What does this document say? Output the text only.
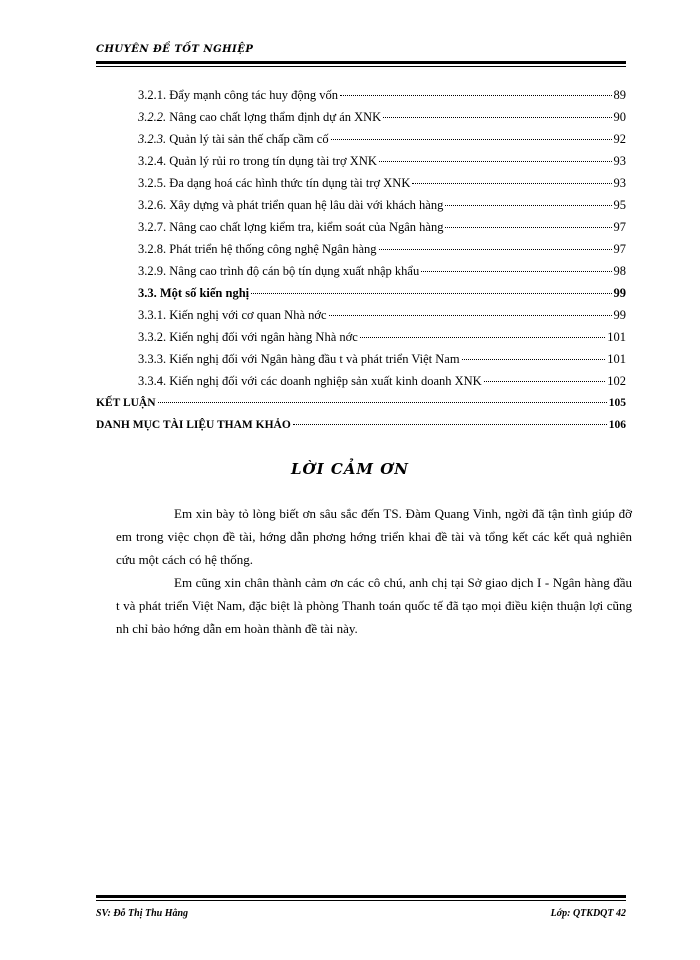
CHUYÊN ĐỀ TỐT NGHIỆP
3.2.1. Đẩy mạnh công tác huy động vốn	89
3.2.2. Nâng cao chất lợng thẩm định dự án XNK	90
3.2.3. Quản lý tài sản thế chấp cầm cố	92
3.2.4. Quản lý rủi ro trong tín dụng tài trợ XNK	93
3.2.5. Đa dạng hoá các hình thức tín dụng tài trợ XNK	93
3.2.6. Xây dựng và phát triển quan hệ lâu dài với khách hàng	95
3.2.7. Nâng cao chất lợng kiểm tra, kiểm soát của Ngân hàng	97
3.2.8. Phát triển hệ thống công nghệ Ngân hàng	97
3.2.9. Nâng cao trình độ cán bộ tín dụng xuất nhập khẩu	98
3.3. Một số kiến nghị	99
3.3.1. Kiến nghị với cơ quan Nhà nớc	99
3.3.2. Kiến nghị đối với ngân hàng Nhà nớc	101
3.3.3. Kiến nghị đối với Ngân hàng đầu t và phát triển Việt Nam	101
3.3.4. Kiến nghị đối với các doanh nghiệp sản xuất kinh doanh XNK	102
KẾT LUẬN	105
DANH MỤC TÀI LIỆU THAM KHẢO	106
LỜI CẢM ƠN

Em xin bày tỏ lòng biết ơn sâu sắc đến TS. Đàm Quang Vinh, ngời đã tận tình giúp đỡ em trong việc chọn đề tài, hớng dẫn phơng hớng triển khai đề tài và tổng kết các kết quả nghiên cứu một cách có hệ thống.

Em cũng xin chân thành cảm ơn các cô chú, anh chị tại Sở giao dịch I - Ngân hàng đầu t và phát triển Việt Nam, đặc biệt là phòng Thanh toán quốc tế đã tạo mọi điều kiện thuận lợi cũng nh chỉ bảo hớng dẫn em hoàn thành đề tài này.

SV: Đỗ Thị Thu Hằng	Lớp: QTKDQT 42
